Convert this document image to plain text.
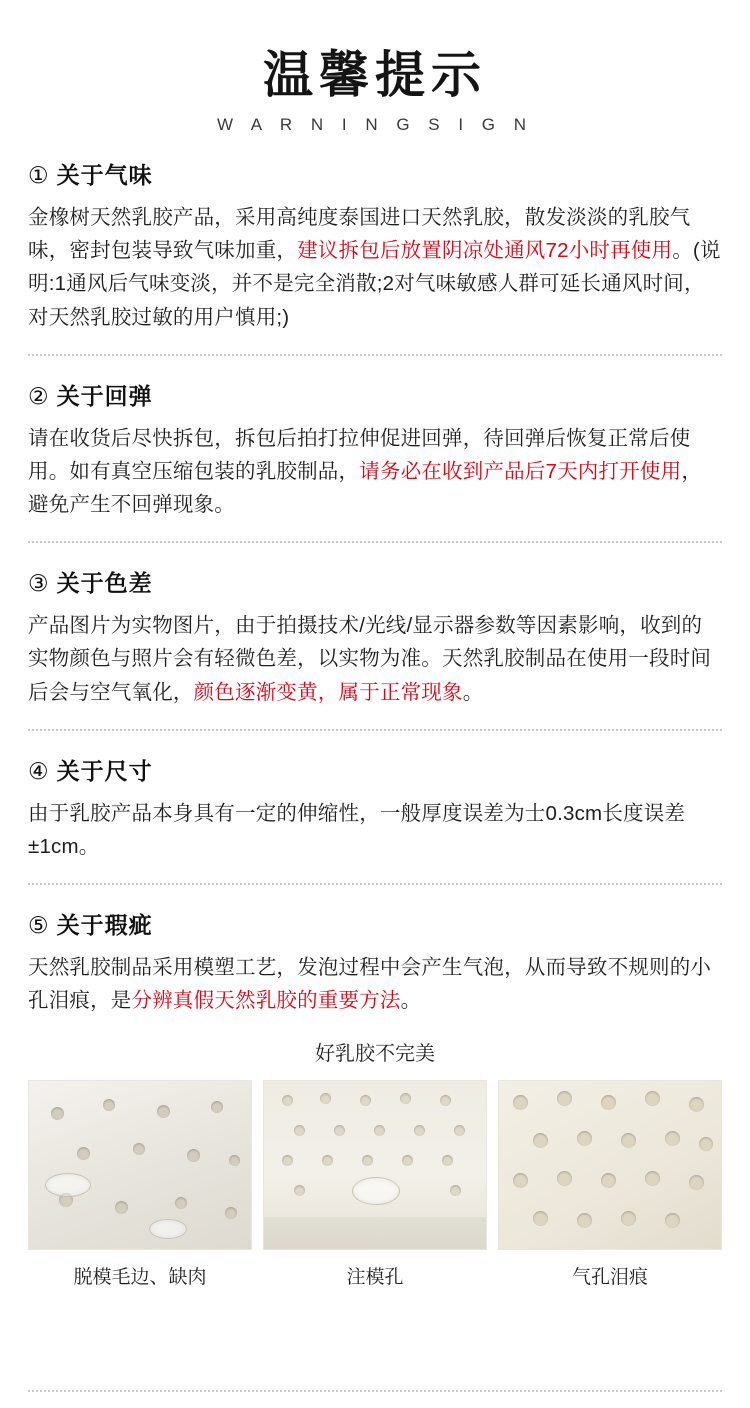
温馨提示
W A R N I N G S I G N
① 关于气味
金橡树天然乳胶产品，采用高纯度泰国进口天然乳胶，散发淡淡的乳胶气味，密封包装导致气味加重，建议拆包后放置阴凉处通风72小时再使用。(说明:1通风后气味变淡，并不是完全消散;2对气味敏感人群可延长通风时间，对天然乳胶过敏的用户慎用;)
② 关于回弹
请在收货后尽快拆包，拆包后拍打拉伸促进回弹，待回弹后恢复正常后使用。如有真空压缩包装的乳胶制品，请务必在收到产品后7天内打开使用，避免产生不回弹现象。
③ 关于色差
产品图片为实物图片，由于拍摄技术/光线/显示器参数等因素影响，收到的实物颜色与照片会有轻微色差，以实物为准。天然乳胶制品在使用一段时间后会与空气氧化，颜色逐渐变黄，属于正常现象。
④ 关于尺寸
由于乳胶产品本身具有一定的伸缩性，一般厚度误差为士0.3cm长度误差±1cm。
⑤ 关于瑕疵
天然乳胶制品采用模塑工艺，发泡过程中会产生气泡，从而导致不规则的小孔泪痕，是分辨真假天然乳胶的重要方法。
好乳胶不完美
脱模毛边、缺肉	注模孔	气孔泪痕
